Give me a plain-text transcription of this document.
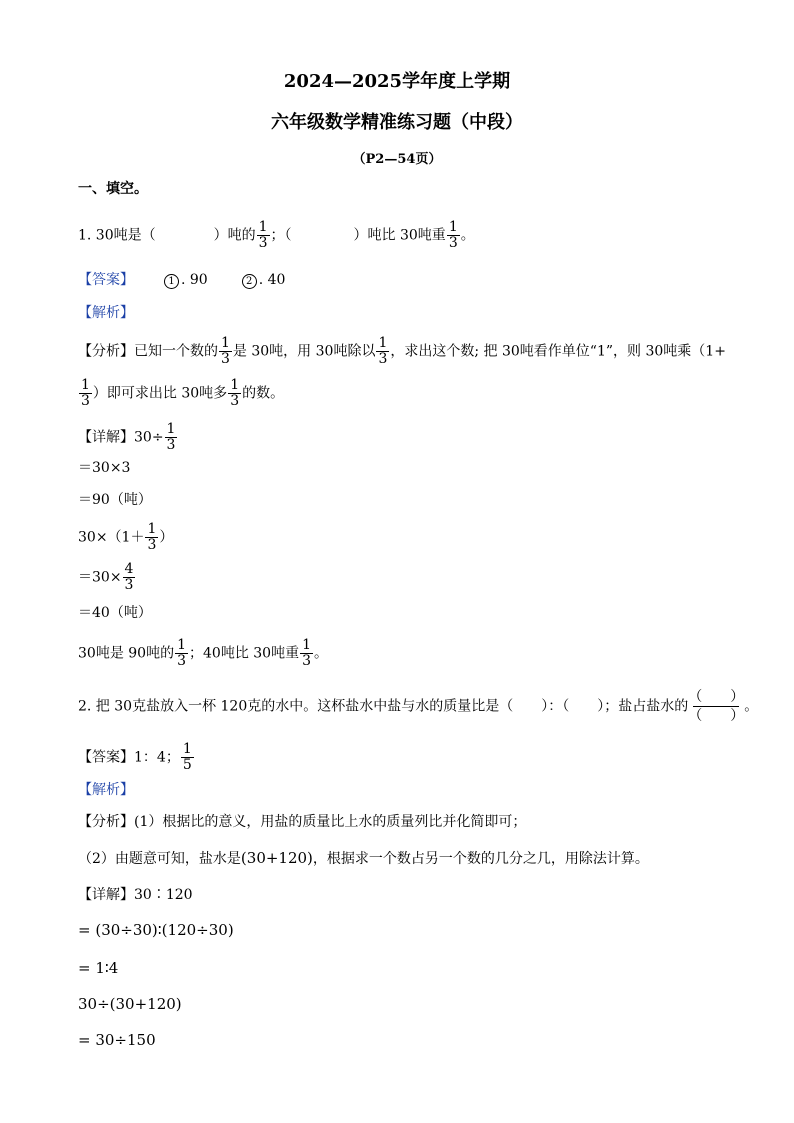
2024—2025学年度上学期
六年级数学精准练习题（中段）
（P2—54页）
一、填空。
1. 30吨是（	）吨的 $\frac{1}{3}$ ；（	）吨比 30吨重 $\frac{1}{3}$ 。
【答案】	1 . 90	2 . 40
【解析】
【分析】已知一个数的 $\frac{1}{3}$ 是 30吨，用 30吨除以 $\frac{1}{3}$ ，求出这个数; 把 30吨看作单位“1”，则 30吨乘（1+
$\frac{1}{3}$ ）即可求出比 30吨多 $\frac{1}{3}$ 的数。
【详解】$30\div \frac{1}{3}$
＝30×3
＝90（吨）
$30\times(1+ \frac{1}{3}$ ）
$=30\times \frac{4}{3}$
＝40（吨）
30吨是 90吨的 $\frac{1}{3}$ ；40吨比 30吨重 $\frac{1}{3}$ 。
2. 把 30克盐放入一杯 120克的水中。这杯盐水中盐与水的质量比是（　　）：（　　）；盐占盐水的
（　　）
（　　）
。
【答案】1：4； $\frac{1}{5}$
【解析】
【分析】(1）根据比的意义，用盐的质量比上水的质量列比并化简即可；
（2）由题意可知，盐水是(30+120)，根据求一个数占另一个数的几分之几，用除法计算。
【详解】30∶120
= (30÷30)∶(120÷30)
= 1∶4
30÷(30+120)
= 30÷150
